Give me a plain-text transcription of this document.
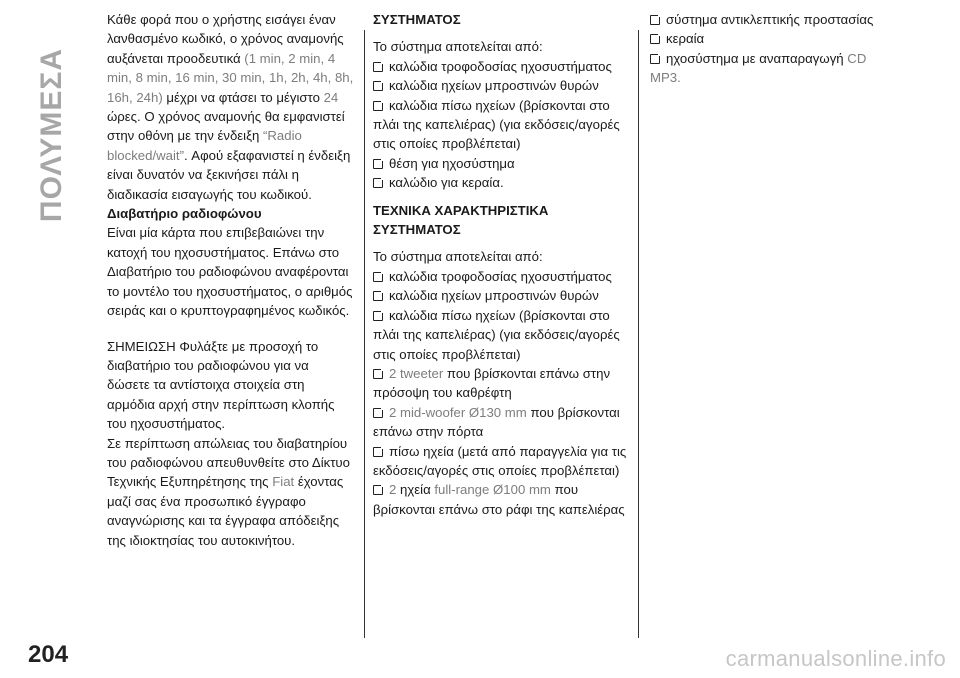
ΠΟΛΥΜΕΣΑ

Κάθε φορά που ο χρήστης εισάγει έναν λανθασμένο κωδικό, ο χρόνος αναμονής αυξάνεται προοδευτικά (1 min, 2 min, 4 min, 8 min, 16 min, 30 min, 1h, 2h, 4h, 8h, 16h, 24h) μέχρι να φτάσει το μέγιστο 24 ώρες. Ο χρόνος αναμονής θα εμφανιστεί στην οθόνη με την ένδειξη “Radio blocked/wait”. Αφού εξαφανιστεί η ένδειξη είναι δυνατόν να ξεκινήσει πάλι η διαδικασία εισαγωγής του κωδικού.

Διαβατήριο ραδιοφώνου

Είναι μία κάρτα που επιβεβαιώνει την κατοχή του ηχοσυστήματος. Επάνω στο Διαβατήριο του ραδιοφώνου αναφέρονται το μοντέλο του ηχοσυστήματος, ο αριθμός σειράς και ο κρυπτογραφημένος κωδικός.

ΣΗΜΕΙΩΣΗ Φυλάξτε με προσοχή το διαβατήριο του ραδιοφώνου για να δώσετε τα αντίστοιχα στοιχεία στη αρμόδια αρχή στην περίπτωση κλοπής του ηχοσυστήματος.

Σε περίπτωση απώλειας του διαβατηρίου του ραδιοφώνου απευθυνθείτε στο Δίκτυο Τεχνικής Εξυπηρέτησης της Fiat έχοντας μαζί σας ένα προσωπικό έγγραφο αναγνώρισης και τα έγγραφα απόδειξης της ιδιοκτησίας του αυτοκινήτου.

ΣΥΣΤΗΜΑΤΟΣ

Το σύστημα αποτελείται από:

καλώδια τροφοδοσίας ηχοσυστήματος

καλώδια ηχείων μπροστινών θυρών

καλώδια πίσω ηχείων (βρίσκονται στο πλάι της καπελιέρας) (για εκδόσεις/αγορές στις οποίες προβλέπεται)

θέση για ηχοσύστημα

καλώδιο για κεραία.

ΤΕΧΝΙΚΑ ΧΑΡΑΚΤΗΡΙΣΤΙΚΑ ΣΥΣΤΗΜΑΤΟΣ

Το σύστημα αποτελείται από:

καλώδια τροφοδοσίας ηχοσυστήματος

καλώδια ηχείων μπροστινών θυρών

καλώδια πίσω ηχείων (βρίσκονται στο πλάι της καπελιέρας) (για εκδόσεις/αγορές στις οποίες προβλέπεται)

2 tweeter που βρίσκονται επάνω στην πρόσοψη του καθρέφτη

2 mid-woofer Ø130 mm που βρίσκονται επάνω στην πόρτα

πίσω ηχεία (μετά από παραγγελία για τις εκδόσεις/αγορές στις οποίες προβλέπεται)

2 ηχεία full-range Ø100 mm που βρίσκονται επάνω στο ράφι της καπελιέρας

σύστημα αντικλεπτικής προστασίας

κεραία

ηχοσύστημα με αναπαραγωγή CD MP3.

204	carmanualsonline.info
